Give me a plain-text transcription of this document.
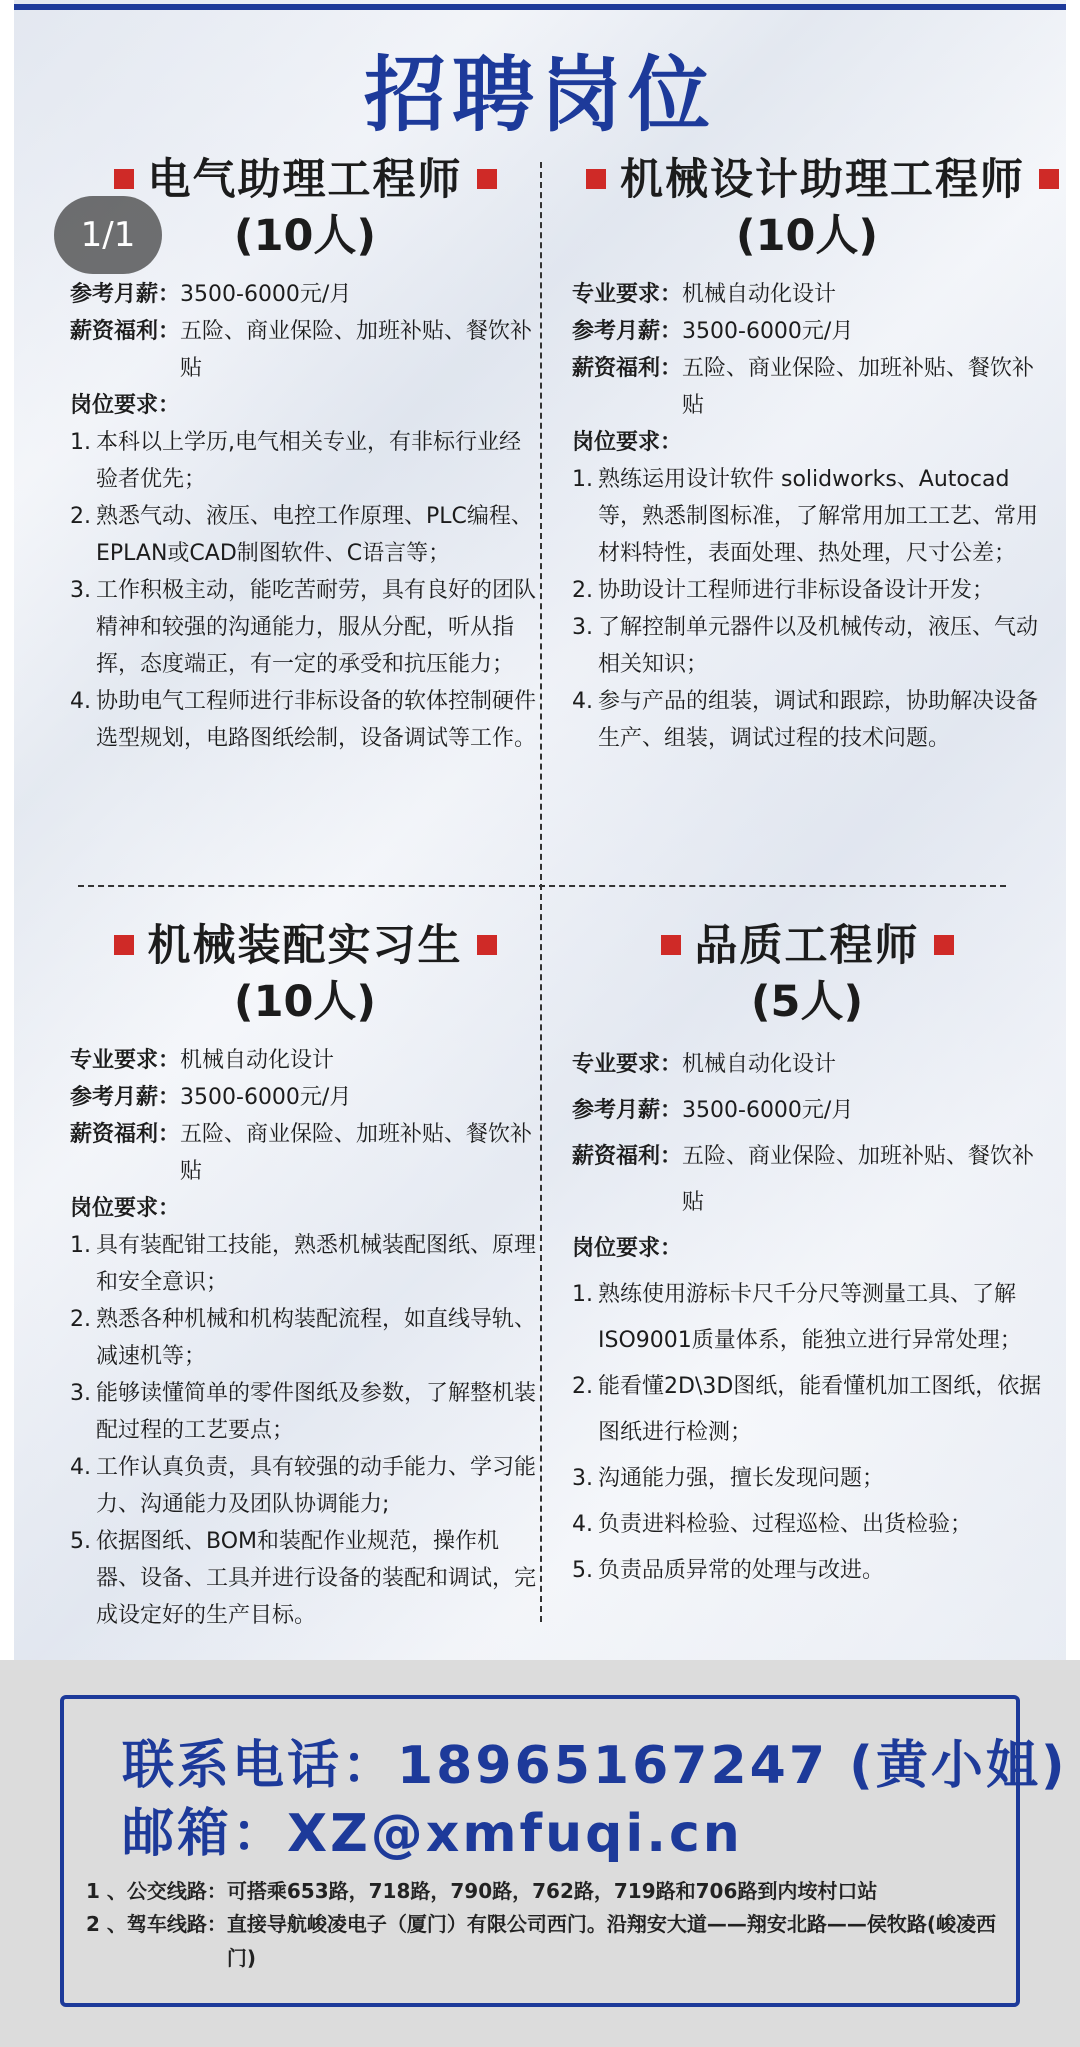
招聘岗位
1/1
电气助理工程师
(10人)
参考月薪： 3500-6000元/月
薪资福利： 五险、商业保险、加班补贴、餐饮补贴
岗位要求：
1. 本科以上学历,电气相关专业，有非标行业经验者优先；
2. 熟悉气动、液压、电控工作原理、PLC编程、EPLAN或CAD制图软件、C语言等；
3. 工作积极主动，能吃苦耐劳，具有良好的团队精神和较强的沟通能力，服从分配，听从指挥，态度端正，有一定的承受和抗压能力；
4. 协助电气工程师进行非标设备的软体控制硬件选型规划，电路图纸绘制，设备调试等工作。
机械设计助理工程师
(10人)
专业要求： 机械自动化设计
参考月薪： 3500-6000元/月
薪资福利： 五险、商业保险、加班补贴、餐饮补贴
岗位要求：
1. 熟练运用设计软件 solidworks、Autocad等，熟悉制图标准，了解常用加工工艺、常用材料特性，表面处理、热处理，尺寸公差；
2. 协助设计工程师进行非标设备设计开发；
3. 了解控制单元器件以及机械传动，液压、气动相关知识；
4. 参与产品的组装，调试和跟踪，协助解决设备生产、组装，调试过程的技术问题。
机械装配实习生
(10人)
专业要求： 机械自动化设计
参考月薪： 3500-6000元/月
薪资福利： 五险、商业保险、加班补贴、餐饮补贴
岗位要求：
1. 具有装配钳工技能，熟悉机械装配图纸、原理和安全意识；
2. 熟悉各种机械和机构装配流程，如直线导轨、减速机等；
3. 能够读懂简单的零件图纸及参数，了解整机装配过程的工艺要点；
4. 工作认真负责，具有较强的动手能力、学习能力、沟通能力及团队协调能力;
5. 依据图纸、BOM和装配作业规范，操作机器、设备、工具并进行设备的装配和调试，完成设定好的生产目标。
品质工程师
(5人)
专业要求： 机械自动化设计
参考月薪： 3500-6000元/月
薪资福利： 五险、商业保险、加班补贴、餐饮补贴
岗位要求：
1. 熟练使用游标卡尺千分尺等测量工具、了解ISO9001质量体系，能独立进行异常处理；
2. 能看懂2D\3D图纸，能看懂机加工图纸，依据图纸进行检测；
3. 沟通能力强，擅长发现问题；
4. 负责进料检验、过程巡检、出货检验；
5. 负责品质异常的处理与改进。
联系电话：18965167247 (黄小姐)
邮箱：XZ@xmfuqi.cn
1 、公交线路：可搭乘653路，718路，790路，762路，719路和706路到内垵村口站
2 、驾车线路： 直接导航峻凌电子（厦门）有限公司西门。沿翔安大道——翔安北路——侯牧路(峻凌西门)
